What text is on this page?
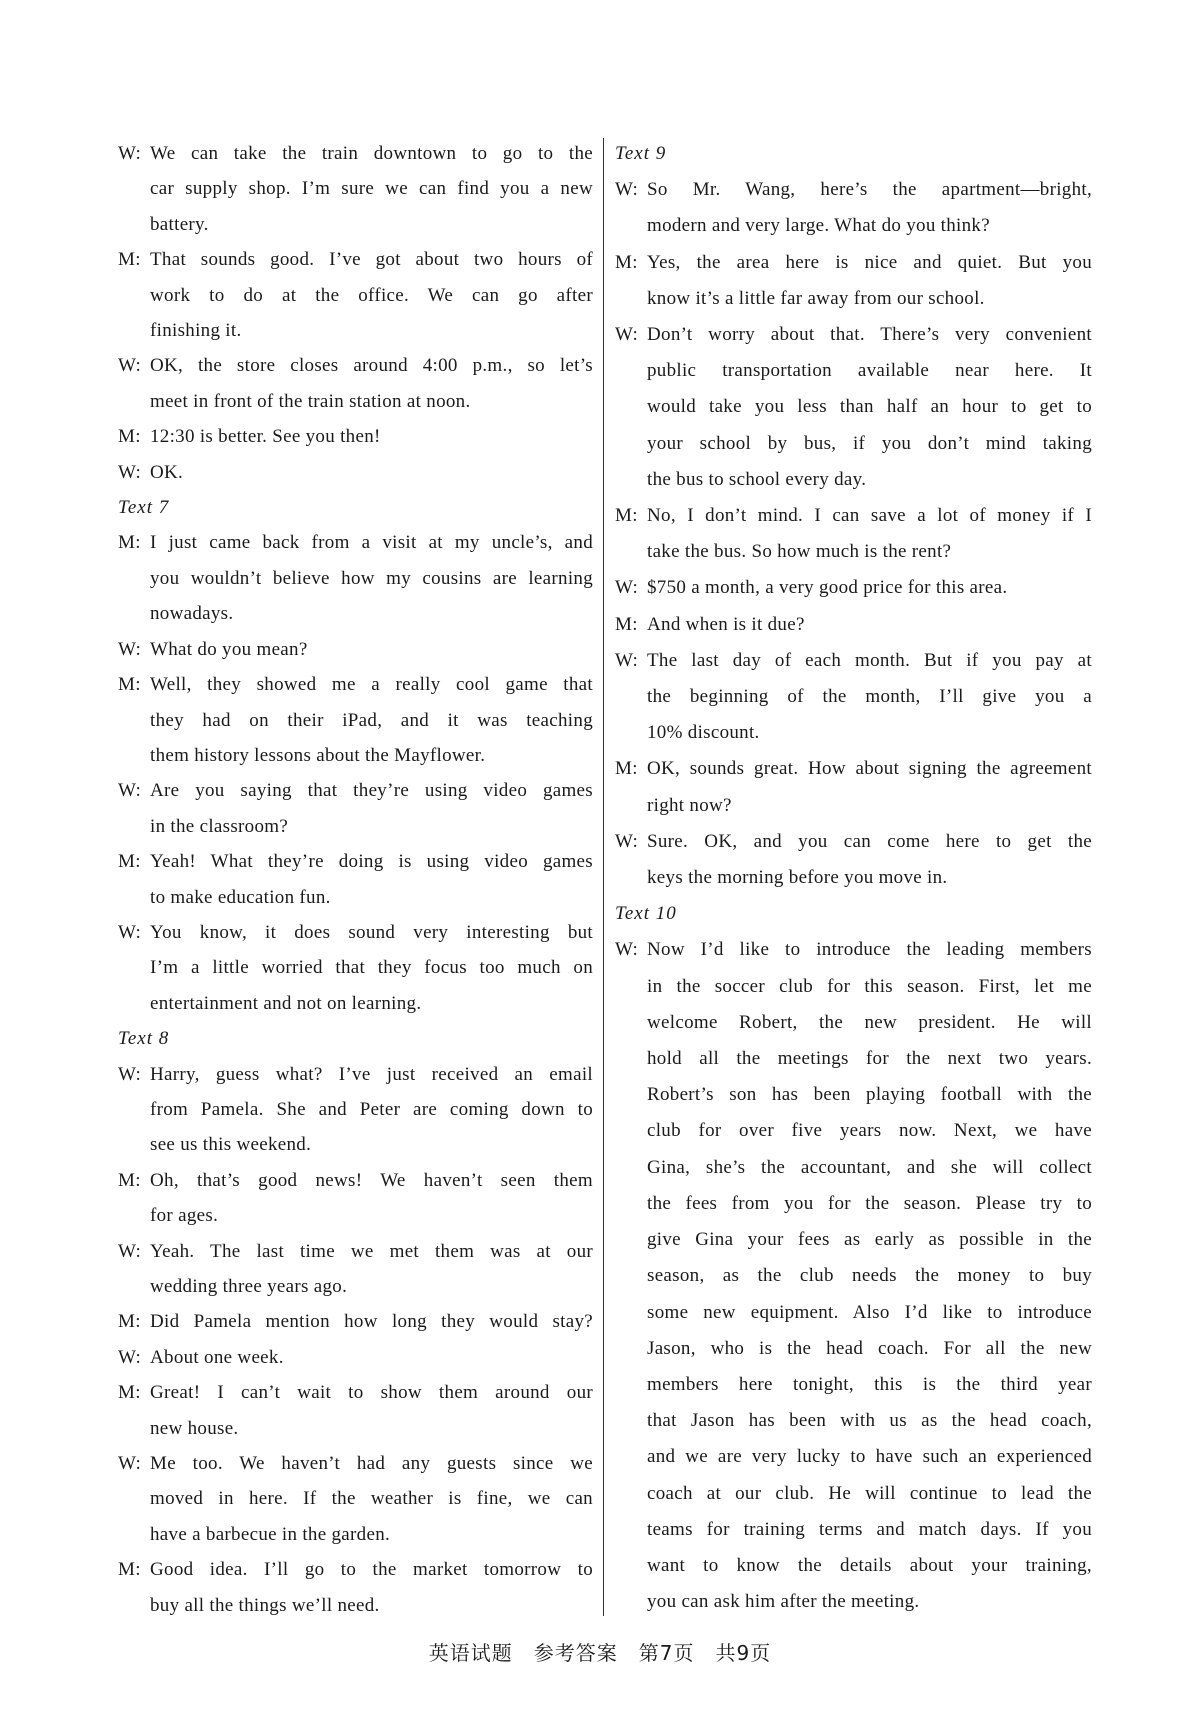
W: We can take the train downtown to go to the
car supply shop. I’m sure we can find you a new
battery.
M: That sounds good. I’ve got about two hours of
work to do at the office. We can go after
finishing it.
W: OK, the store closes around 4:00 p.m., so let’s
meet in front of the train station at noon.
M: 12:30 is better. See you then!
W: OK.
Text 7
M: I just came back from a visit at my uncle’s, and
you wouldn’t believe how my cousins are learning
nowadays.
W: What do you mean?
M: Well, they showed me a really cool game that
they had on their iPad, and it was teaching
them history lessons about the Mayflower.
W: Are you saying that they’re using video games
in the classroom?
M: Yeah! What they’re doing is using video games
to make education fun.
W: You know, it does sound very interesting but
I’m a little worried that they focus too much on
entertainment and not on learning.
Text 8
W: Harry, guess what? I’ve just received an email
from Pamela. She and Peter are coming down to
see us this weekend.
M: Oh, that’s good news! We haven’t seen them
for ages.
W: Yeah. The last time we met them was at our
wedding three years ago.
M: Did Pamela mention how long they would stay?
W: About one week.
M: Great! I can’t wait to show them around our
new house.
W: Me too. We haven’t had any guests since we
moved in here. If the weather is fine, we can
have a barbecue in the garden.
M: Good idea. I’ll go to the market tomorrow to
buy all the things we’ll need.
Text 9
W: So Mr. Wang, here’s the apartment—bright,
modern and very large. What do you think?
M: Yes, the area here is nice and quiet. But you
know it’s a little far away from our school.
W: Don’t worry about that. There’s very convenient
public transportation available near here. It
would take you less than half an hour to get to
your school by bus, if you don’t mind taking
the bus to school every day.
M: No, I don’t mind. I can save a lot of money if I
take the bus. So how much is the rent?
W: $750 a month, a very good price for this area.
M: And when is it due?
W: The last day of each month. But if you pay at
the beginning of the month, I’ll give you a
10% discount.
M: OK, sounds great. How about signing the agreement
right now?
W: Sure. OK, and you can come here to get the
keys the morning before you move in.
Text 10
W: Now I’d like to introduce the leading members
in the soccer club for this season. First, let me
welcome Robert, the new president. He will
hold all the meetings for the next two years.
Robert’s son has been playing football with the
club for over five years now. Next, we have
Gina, she’s the accountant, and she will collect
the fees from you for the season. Please try to
give Gina your fees as early as possible in the
season, as the club needs the money to buy
some new equipment. Also I’d like to introduce
Jason, who is the head coach. For all the new
members here tonight, this is the third year
that Jason has been with us as the head coach,
and we are very lucky to have such an experienced
coach at our club. He will continue to lead the
teams for training terms and match days. If you
want to know the details about your training,
you can ask him after the meeting.
英语试题　参考答案　第7页　共9页
